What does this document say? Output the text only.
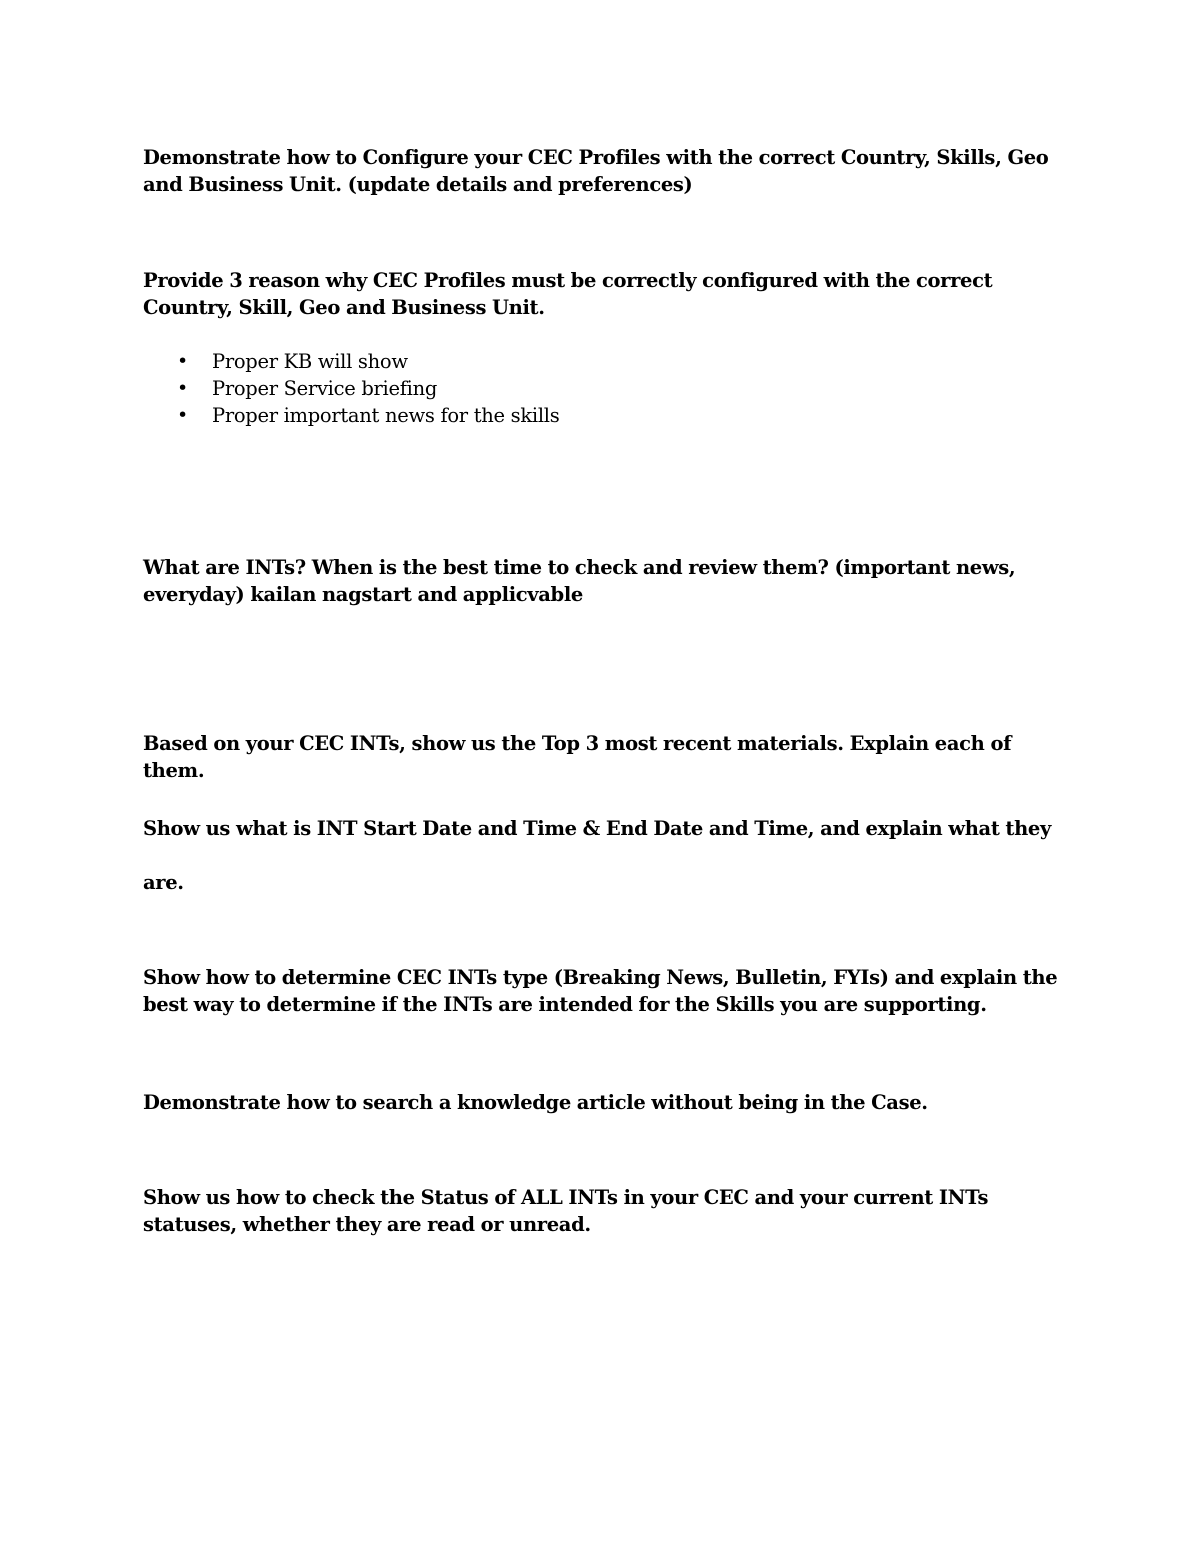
Demonstrate how to Configure your CEC Profiles with the correct Country, Skills, Geo and Business Unit. (update details and preferences)

Provide 3 reason why CEC Profiles must be correctly configured with the correct Country, Skill, Geo and Business Unit.

• Proper KB will show
• Proper Service briefing
• Proper important news for the skills

What are INTs? When is the best time to check and review them? (important news, everyday) kailan nagstart and applicvable

Based on your CEC INTs, show us the Top 3 most recent materials. Explain each of them.

Show us what is INT Start Date and Time & End Date and Time, and explain what they

are.

Show how to determine CEC INTs type (Breaking News, Bulletin, FYIs) and explain the best way to determine if the INTs are intended for the Skills you are supporting.

Demonstrate how to search a knowledge article without being in the Case.

Show us how to check the Status of ALL INTs in your CEC and your current INTs statuses, whether they are read or unread.
